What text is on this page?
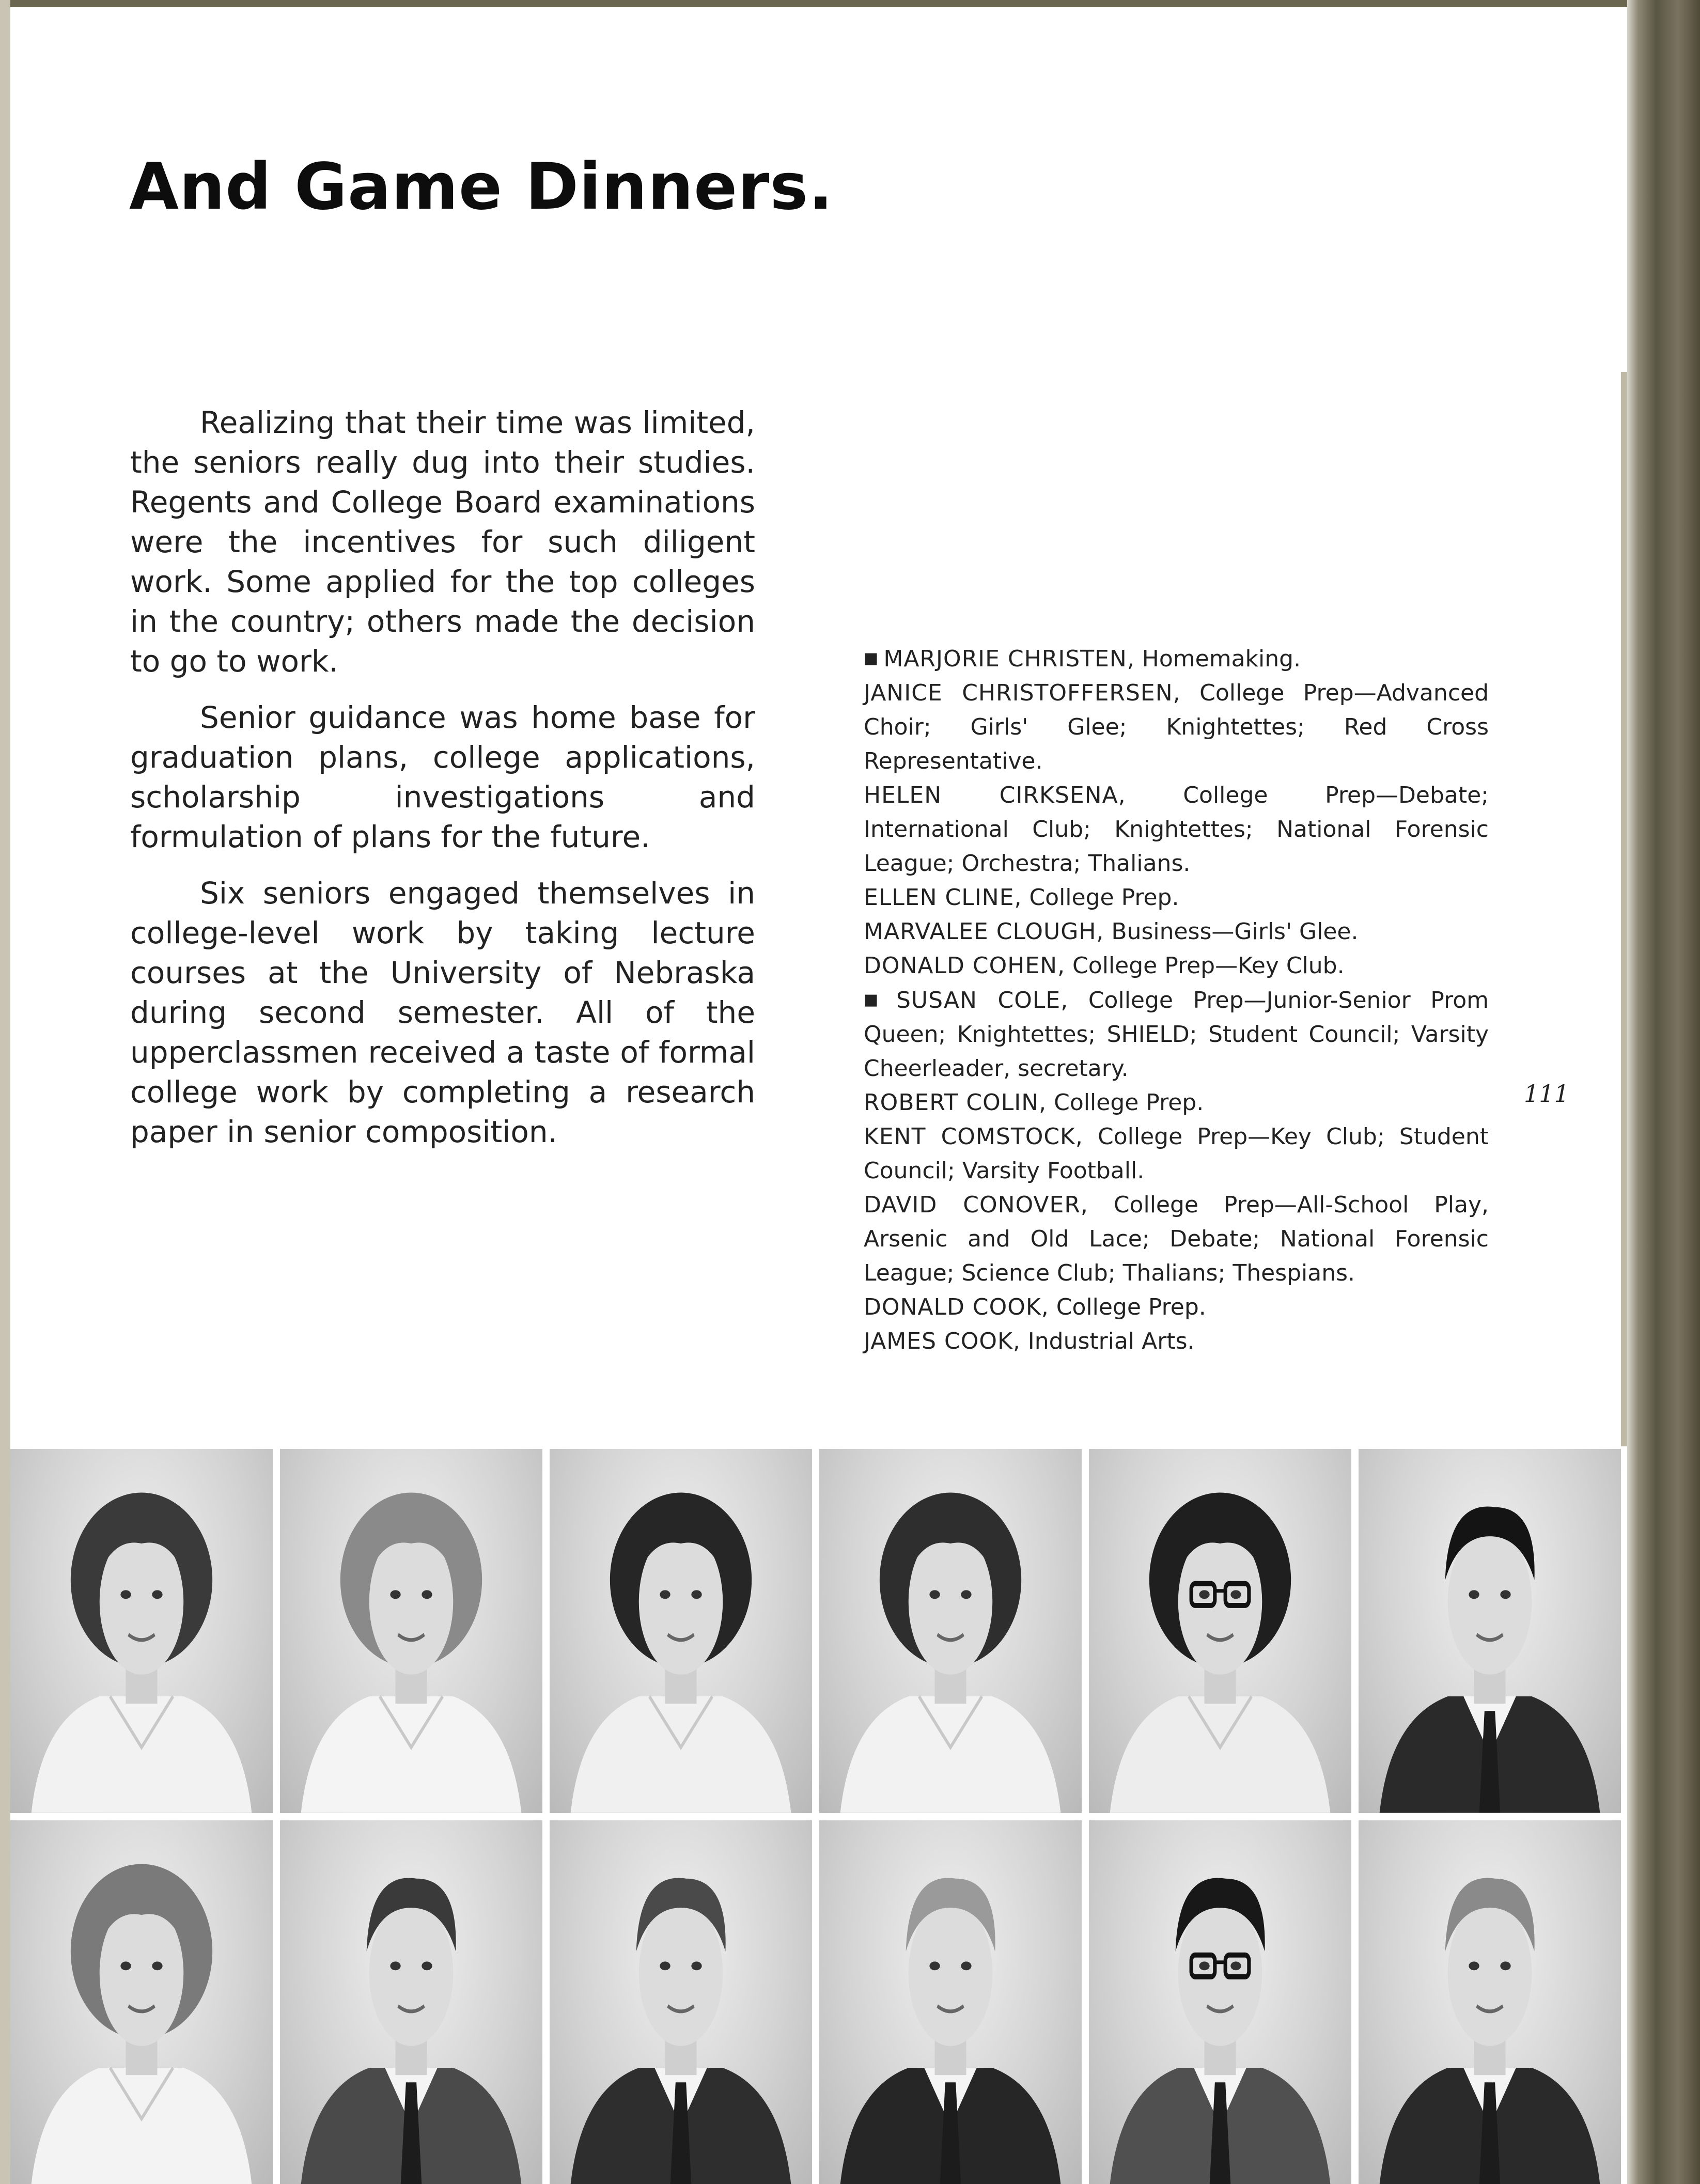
And Game Dinners.

Realizing that their time was limited, the seniors really dug into their studies. Regents and College Board examinations were the incentives for such diligent work. Some applied for the top colleges in the country; others made the decision to go to work.

Senior guidance was home base for graduation plans, college applications, scholarship investigations and formulation of plans for the future.

Six seniors engaged themselves in college-level work by taking lecture courses at the University of Nebraska during second semester. All of the upperclassmen received a taste of formal college work by completing a research paper in senior composition.

■ MARJORIE CHRISTEN, Homemaking.

JANICE CHRISTOFFERSEN, College Prep—Advanced Choir; Girls' Glee; Knightettes; Red Cross Representative.

HELEN CIRKSENA, College Prep—Debate; International Club; Knightettes; National Forensic League; Orchestra; Thalians.

ELLEN CLINE, College Prep.

MARVALEE CLOUGH, Business—Girls' Glee.

DONALD COHEN, College Prep—Key Club.

■ SUSAN COLE, College Prep—Junior-Senior Prom Queen; Knightettes; SHIELD; Student Council; Varsity Cheerleader, secretary.

ROBERT COLIN, College Prep.

KENT COMSTOCK, College Prep—Key Club; Student Council; Varsity Football.

DAVID CONOVER, College Prep—All-School Play, Arsenic and Old Lace; Debate; National Forensic League; Science Club; Thalians; Thespians.

DONALD COOK, College Prep.

JAMES COOK, Industrial Arts.

111
